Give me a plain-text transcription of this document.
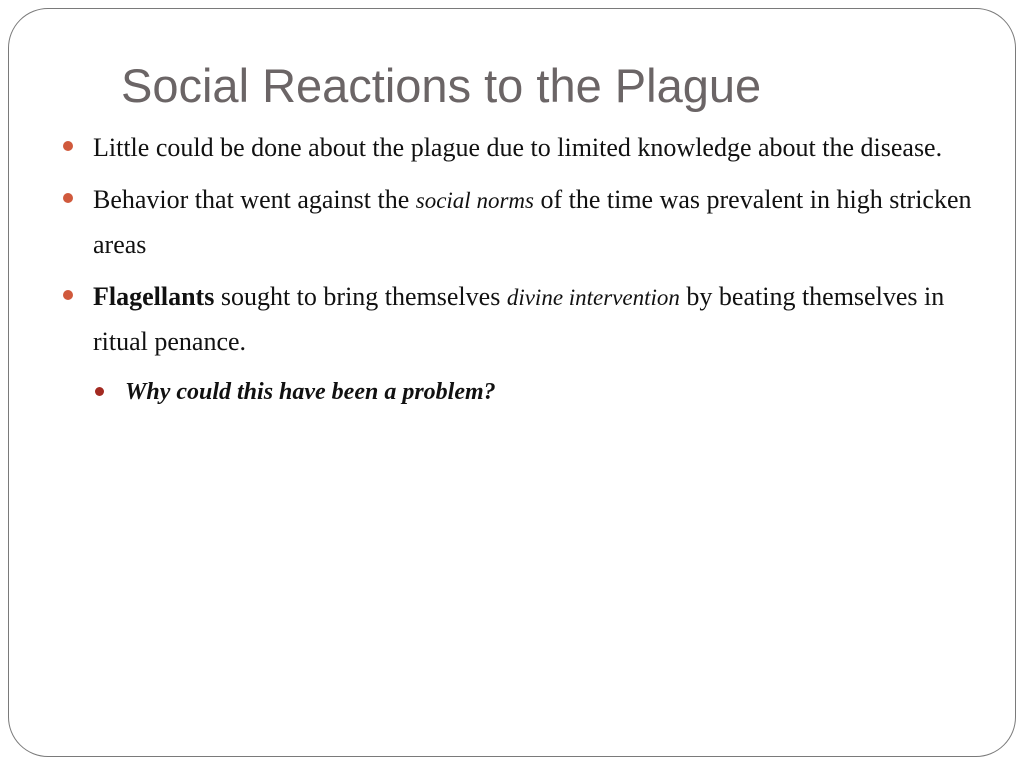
Social Reactions to the Plague
Little could be done about the plague due to limited knowledge about the disease.
Behavior that went against the social norms of the time was prevalent in high stricken areas
Flagellants sought to bring themselves divine intervention by beating themselves in ritual penance.
Why could this have been a problem?
